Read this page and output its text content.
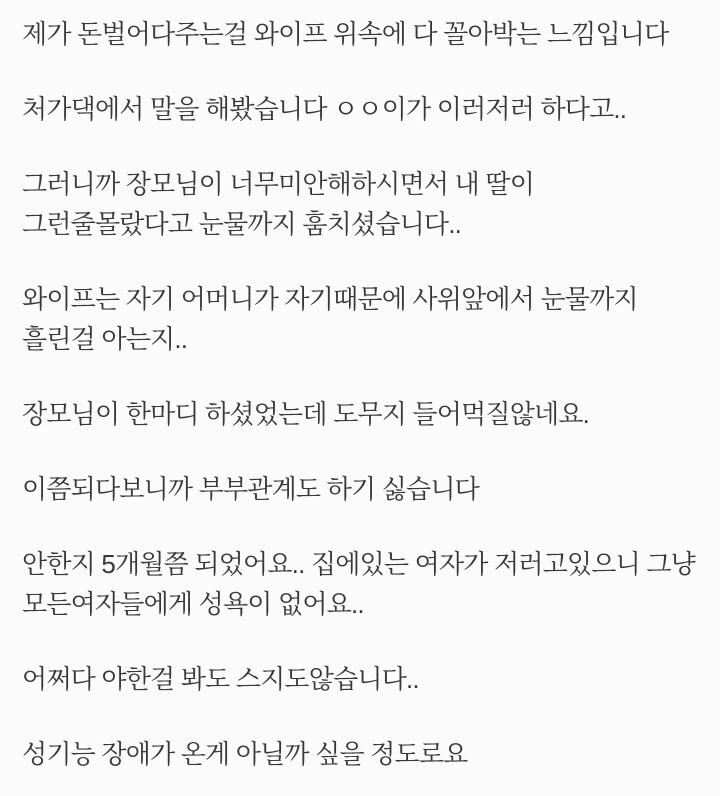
제가 돈벌어다주는걸 와이프 위속에 다 꼴아박는 느낌입니다

처가댁에서 말을 해봤습니다 ㅇㅇ이가 이러저러 하다고..

그러니까 장모님이 너무미안해하시면서 내 딸이 그런줄몰랐다고 눈물까지 훔치셨습니다..

와이프는 자기 어머니가 자기때문에 사위앞에서 눈물까지 흘린걸 아는지..

장모님이 한마디 하셨었는데 도무지 들어먹질않네요.

이쯤되다보니까 부부관계도 하기 싫습니다

안한지 5개월쯤 되었어요.. 집에있는 여자가 저러고있으니 그냥 모든여자들에게 성욕이 없어요..

어쩌다 야한걸 봐도 스지도않습니다..

성기능 장애가 온게 아닐까 싶을 정도로요
